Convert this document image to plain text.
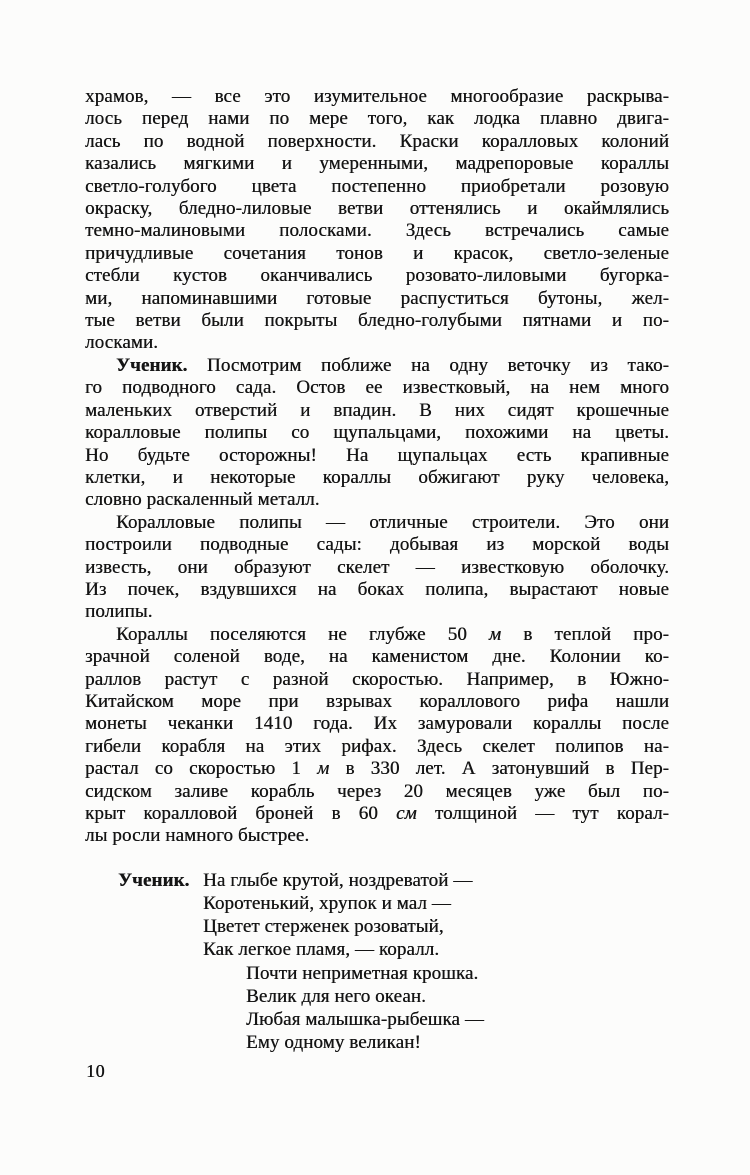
храмов, — все это изумительное многообразие раскрыва-
лось перед нами по мере того, как лодка плавно двига-
лась по водной поверхности. Краски коралловых колоний
казались мягкими и умеренными, мадрепоровые кораллы
светло-голубого цвета постепенно приобретали розовую
окраску, бледно-лиловые ветви оттенялись и окаймлялись
темно-малиновыми полосками. Здесь встречались самые
причудливые сочетания тонов и красок, светло-зеленые
стебли кустов оканчивались розовато-лиловыми бугорка-
ми, напоминавшими готовые распуститься бутоны, жел-
тые ветви были покрыты бледно-голубыми пятнами и по-
лосками.
Ученик. Посмотрим поближе на одну веточку из тако-
го подводного сада. Остов ее известковый, на нем много
маленьких отверстий и впадин. В них сидят крошечные
коралловые полипы со щупальцами, похожими на цветы.
Но будьте осторожны! На щупальцах есть крапивные
клетки, и некоторые кораллы обжигают руку человека,
словно раскаленный металл.
Коралловые полипы — отличные строители. Это они
построили подводные сады: добывая из морской воды
известь, они образуют скелет — известковую оболочку.
Из почек, вздувшихся на боках полипа, вырастают новые
полипы.
Кораллы поселяются не глубже 50 м в теплой про-
зрачной соленой воде, на каменистом дне. Колонии ко-
раллов растут с разной скоростью. Например, в Южно-
Китайском море при взрывах кораллового рифа нашли
монеты чеканки 1410 года. Их замуровали кораллы после
гибели корабля на этих рифах. Здесь скелет полипов на-
растал со скоростью 1 м в 330 лет. А затонувший в Пер-
сидском заливе корабль через 20 месяцев уже был по-
крыт коралловой броней в 60 см толщиной — тут корал-
лы росли намного быстрее.
Ученик. На глыбе крутой, ноздреватой —
Коротенький, хрупок и мал —
Цветет стерженек розоватый,
Как легкое пламя, — коралл.
Почти неприметная крошка.
Велик для него океан.
Любая малышка-рыбешка —
Ему одному великан!
10
